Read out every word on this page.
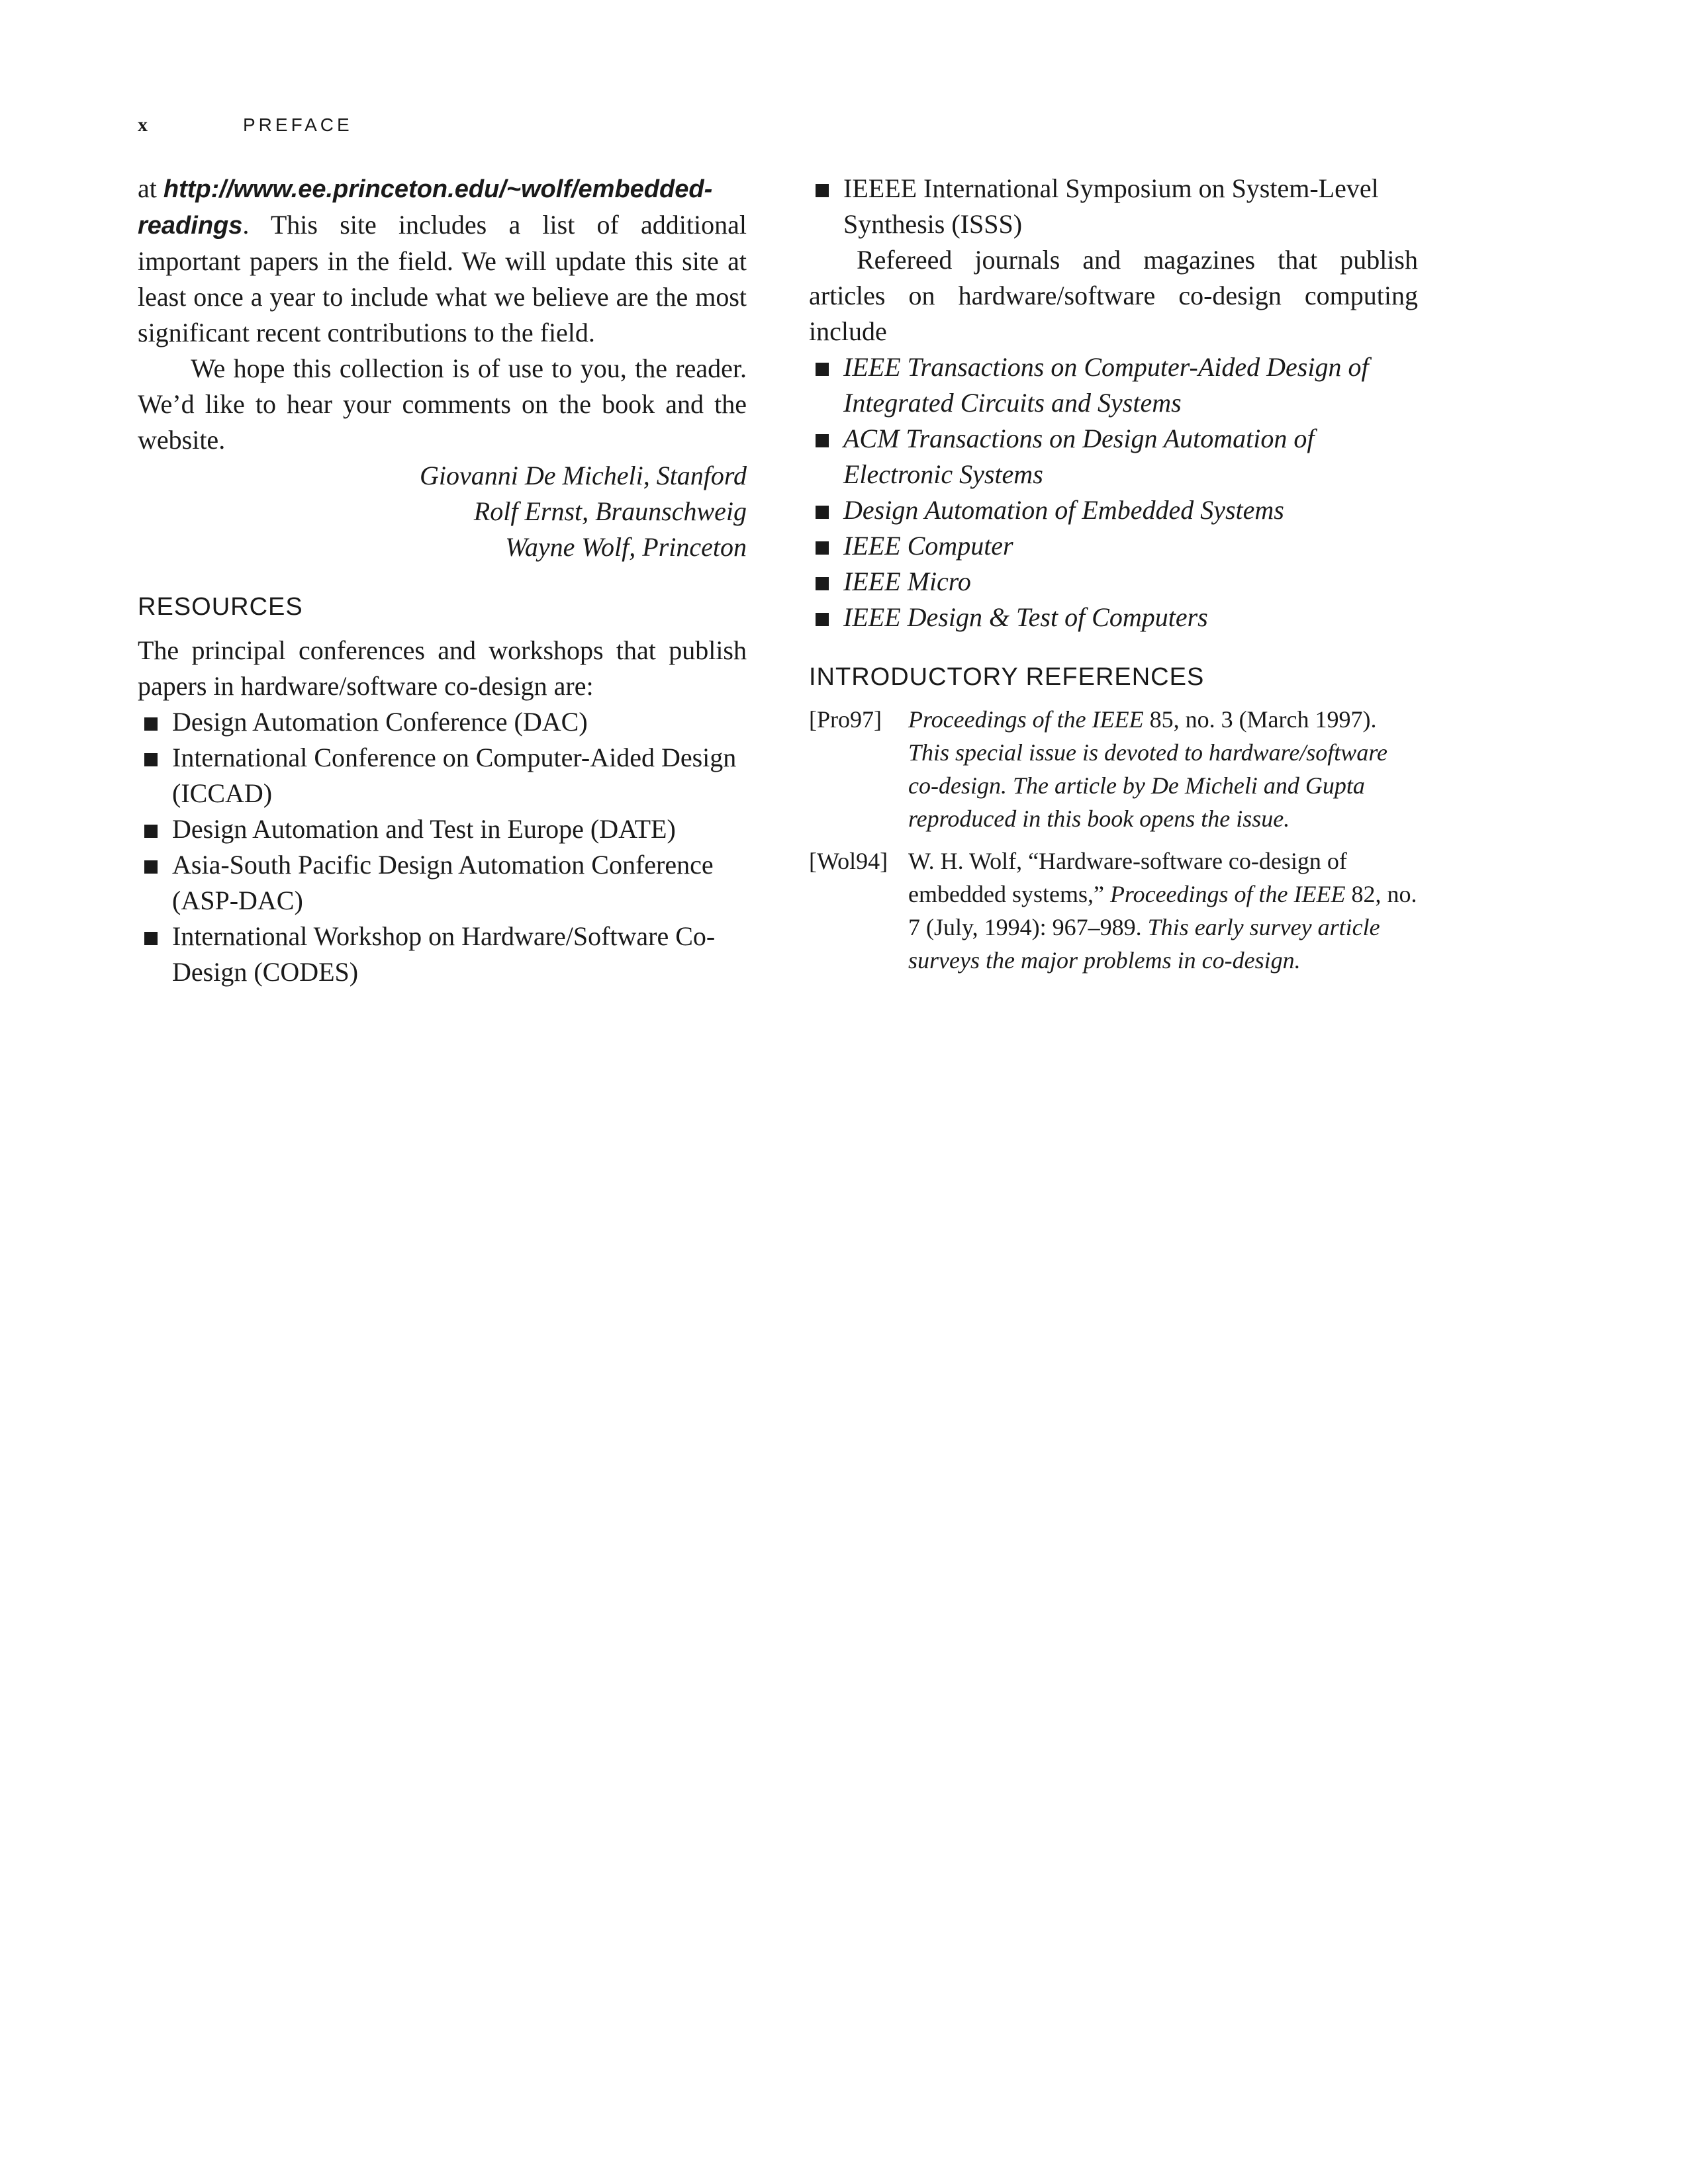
x	PREFACE

at http://www.ee.princeton.edu/~wolf/embedded-
readings. This site includes a list of additional important papers in the field. We will update this site at least once a year to include what we believe are the most significant recent contributions to the field.

We hope this collection is of use to you, the reader. We’d like to hear your comments on the book and the website.

Giovanni De Micheli, Stanford

Rolf Ernst, Braunschweig

Wayne Wolf, Princeton

RESOURCES

The principal conferences and workshops that publish papers in hardware/software co-design are:

Design Automation Conference (DAC)
International Conference on Computer-Aided Design (ICCAD)
Design Automation and Test in Europe (DATE)
Asia-South Pacific Design Automation Conference (ASP-DAC)
International Workshop on Hardware/Software Co-Design (CODES)
IEEEE International Symposium on System-Level Synthesis (ISSS)

Refereed journals and magazines that publish articles on hardware/software co-design computing include

IEEE Transactions on Computer-Aided Design of Integrated Circuits and Systems
ACM Transactions on Design Automation of Electronic Systems
Design Automation of Embedded Systems
IEEE Computer
IEEE Micro
IEEE Design & Test of Computers
INTRODUCTORY REFERENCES
[Pro97]	Proceedings of the IEEE 85, no. 3 (March 1997). This special issue is devoted to hardware/software co-design. The article by De Micheli and Gupta reproduced in this book opens the issue.
[Wol94] W. H. Wolf, “Hardware-software co-design of embedded systems,” Proceedings of the IEEE 82, no. 7 (July, 1994): 967–989. This early survey article surveys the major problems in co-design.
